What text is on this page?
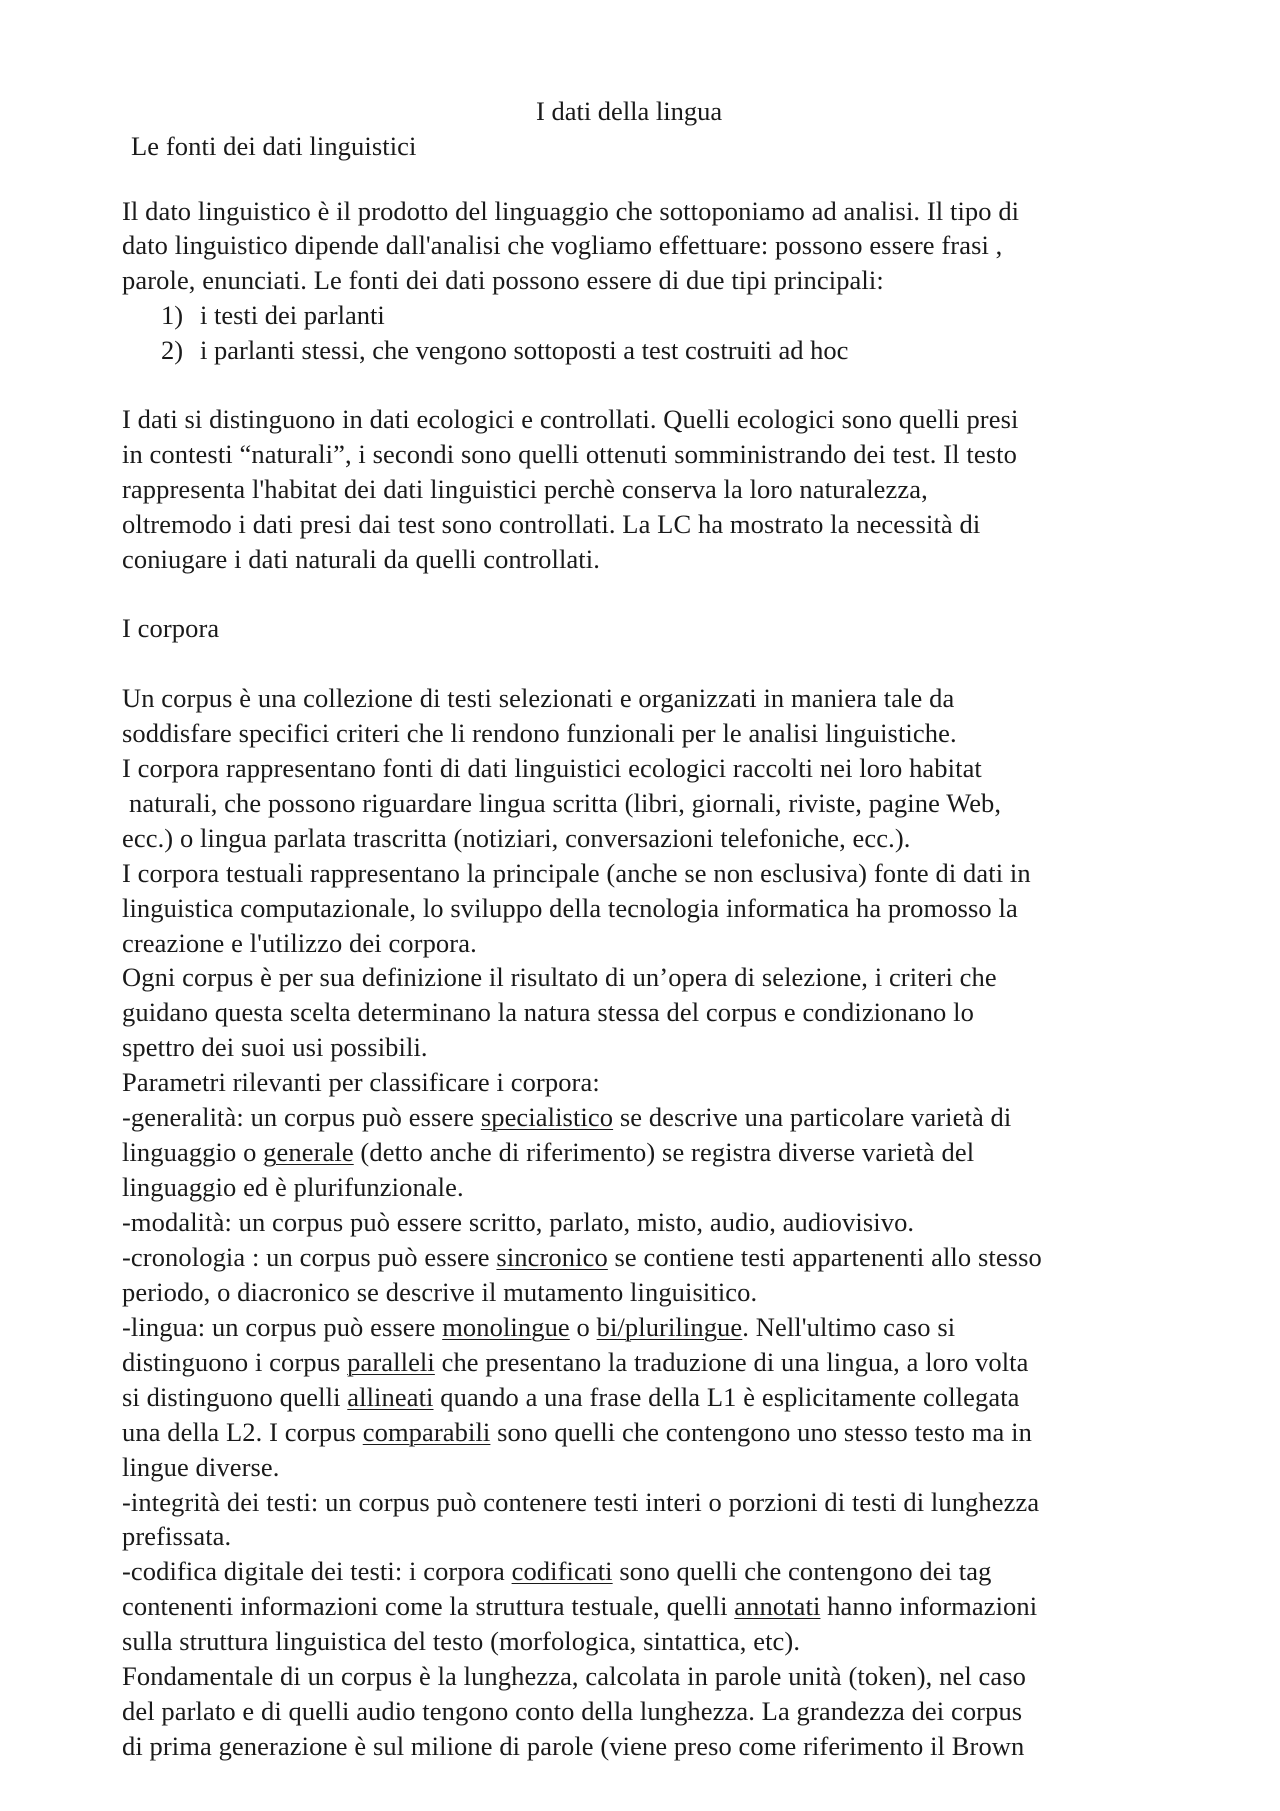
I dati della lingua
Le fonti dei dati linguistici
Il dato linguistico è il prodotto del linguaggio che sottoponiamo ad analisi. Il tipo di
dato linguistico dipende dall'analisi che vogliamo effettuare: possono essere frasi ,
parole, enunciati. Le fonti dei dati possono essere di due tipi principali:
1) i testi dei parlanti
2) i parlanti stessi, che vengono sottoposti a test costruiti ad hoc
I dati si distinguono in dati ecologici e controllati. Quelli ecologici sono quelli presi
in contesti “naturali”, i secondi sono quelli ottenuti somministrando dei test. Il testo
rappresenta l'habitat dei dati linguistici perchè conserva la loro naturalezza,
oltremodo i dati presi dai test sono controllati. La LC ha mostrato la necessità di
coniugare i dati naturali da quelli controllati.
I corpora
Un corpus è una collezione di testi selezionati e organizzati in maniera tale da
soddisfare specifici criteri che li rendono funzionali per le analisi linguistiche.
I corpora rappresentano fonti di dati linguistici ecologici raccolti nei loro habitat
naturali, che possono riguardare lingua scritta (libri, giornali, riviste, pagine Web,
ecc.) o lingua parlata trascritta (notiziari, conversazioni telefoniche, ecc.).
I corpora testuali rappresentano la principale (anche se non esclusiva) fonte di dati in
linguistica computazionale, lo sviluppo della tecnologia informatica ha promosso la
creazione e l'utilizzo dei corpora.
Ogni corpus è per sua definizione il risultato di un’opera di selezione, i criteri che
guidano questa scelta determinano la natura stessa del corpus e condizionano lo
spettro dei suoi usi possibili.
Parametri rilevanti per classificare i corpora:
-generalità: un corpus può essere specialistico se descrive una particolare varietà di
linguaggio o generale (detto anche di riferimento) se registra diverse varietà del
linguaggio ed è plurifunzionale.
-modalità: un corpus può essere scritto, parlato, misto, audio, audiovisivo.
-cronologia : un corpus può essere sincronico se contiene testi appartenenti allo stesso
periodo, o diacronico se descrive il mutamento linguisitico.
-lingua: un corpus può essere monolingue o bi/plurilingue. Nell'ultimo caso si
distinguono i corpus paralleli che presentano la traduzione di una lingua, a loro volta
si distinguono quelli allineati quando a una frase della L1 è esplicitamente collegata
una della L2. I corpus comparabili sono quelli che contengono uno stesso testo ma in
lingue diverse.
-integrità dei testi: un corpus può contenere testi interi o porzioni di testi di lunghezza
prefissata.
-codifica digitale dei testi: i corpora codificati sono quelli che contengono dei tag
contenenti informazioni come la struttura testuale, quelli annotati hanno informazioni
sulla struttura linguistica del testo (morfologica, sintattica, etc).
Fondamentale di un corpus è la lunghezza, calcolata in parole unità (token), nel caso
del parlato e di quelli audio tengono conto della lunghezza. La grandezza dei corpus
di prima generazione è sul milione di parole (viene preso come riferimento il Brown
